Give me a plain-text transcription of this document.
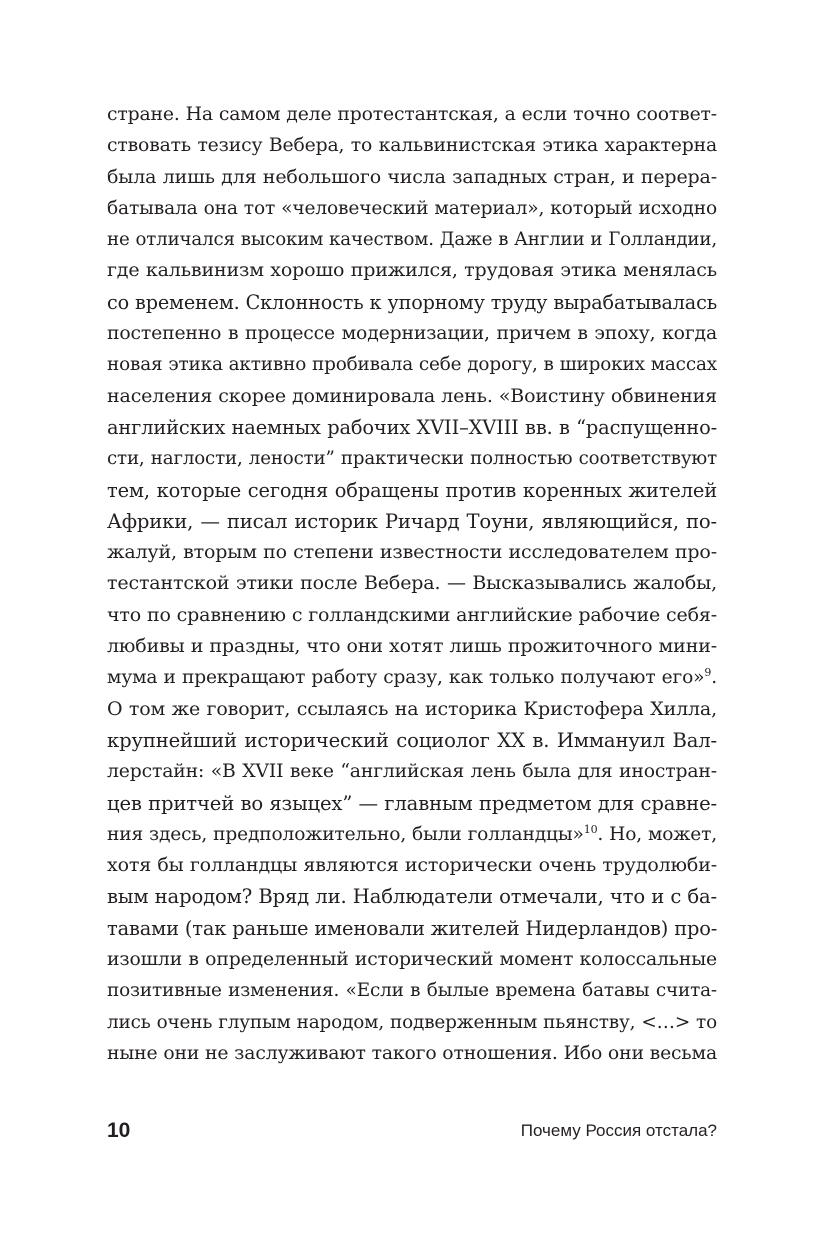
стране. На самом деле протестантская, а если точно соответ-
ствовать тезису Вебера, то кальвинистская этика характерна
была лишь для небольшого числа западных стран, и перера-
батывала она тот «человеческий материал», который исходно
не отличался высоким качеством. Даже в Англии и Голландии,
где кальвинизм хорошо прижился, трудовая этика менялась
со временем. Склонность к упорному труду вырабатывалась
постепенно в процессе модернизации, причем в эпоху, когда
новая этика активно пробивала себе дорогу, в широких массах
населения скорее доминировала лень. «Воистину обвинения
английских наемных рабочих XVII–XVIII вв. в “распущенно-
сти, наглости, лености” практически полностью соответствуют
тем, которые сегодня обращены против коренных жителей
Африки, — писал историк Ричард Тоуни, являющийся, по-
жалуй, вторым по степени известности исследователем про-
тестантской этики после Вебера. — Высказывались жалобы,
что по сравнению с голландскими английские рабочие себя-
любивы и праздны, что они хотят лишь прожиточного мини-
мума и прекращают работу сразу, как только получают его»$^9$.
О том же говорит, ссылаясь на историка Кристофера Хилла,
крупнейший исторический социолог XX в. Иммануил Вал-
лерстайн: «В XVII веке “английская лень была для иностран-
цев притчей во языцех” — главным предметом для сравне-
ния здесь, предположительно, были голландцы»$^{10}$. Но, может,
хотя бы голландцы являются исторически очень трудолюби-
вым народом? Вряд ли. Наблюдатели отмечали, что и с ба-
тавами (так раньше именовали жителей Нидерландов) про-
изошли в определенный исторический момент колоссальные
позитивные изменения. «Если в былые времена батавы счита-
лись очень глупым народом, подверженным пьянству, <…> то
ныне они не заслуживают такого отношения. Ибо они весьма
10	Почему Россия отстала?
